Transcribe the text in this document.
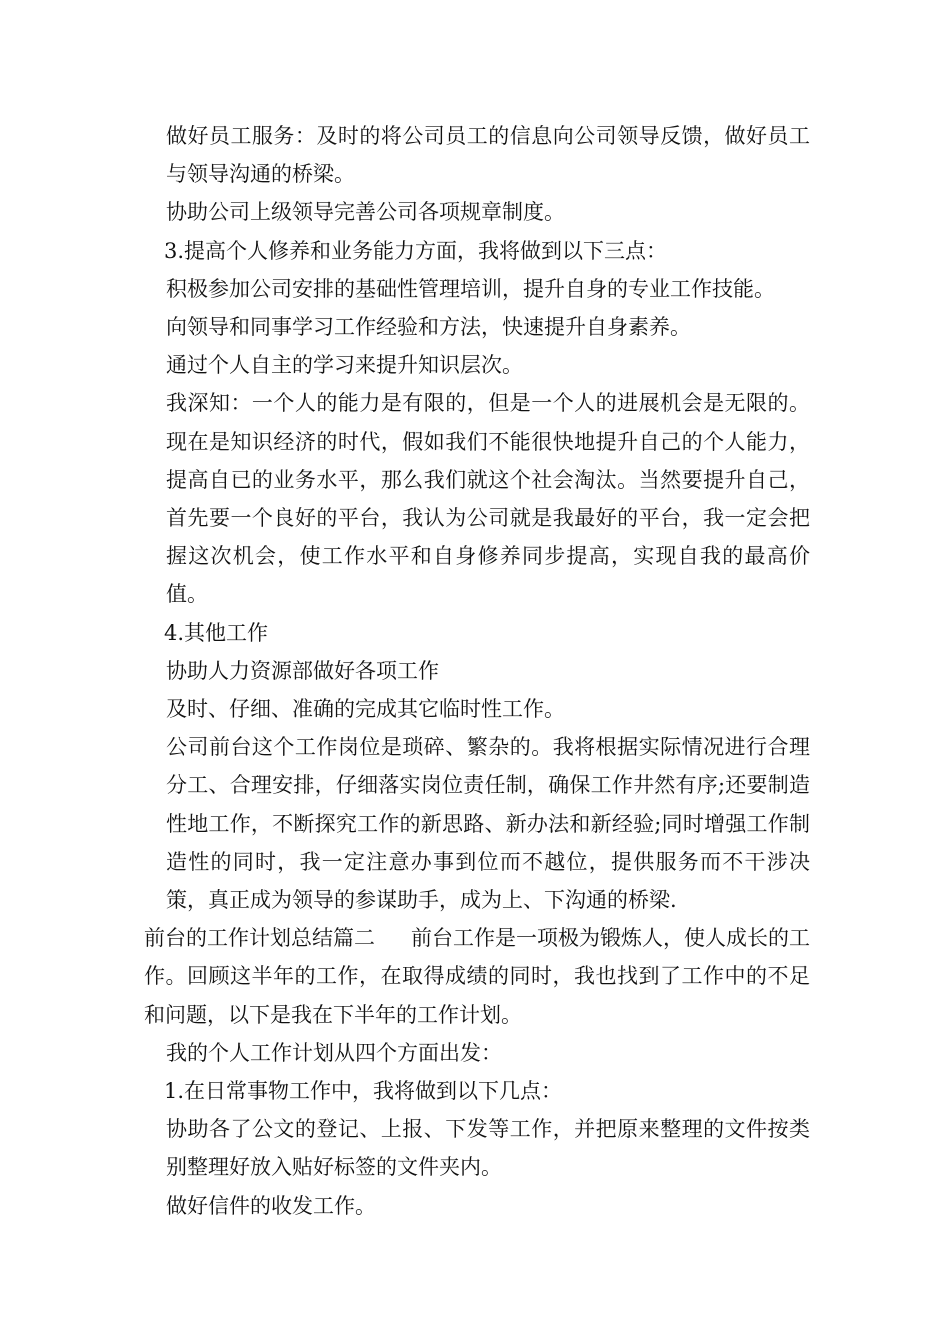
做好员工服务：及时的将公司员工的信息向公司领导反馈，做好员工与领导沟通的桥梁。

协助公司上级领导完善公司各项规章制度。

3.提高个人修养和业务能力方面，我将做到以下三点：

积极参加公司安排的基础性管理培训，提升自身的专业工作技能。

向领导和同事学习工作经验和方法，快速提升自身素养。

通过个人自主的学习来提升知识层次。

我深知：一个人的能力是有限的，但是一个人的进展机会是无限的。现在是知识经济的时代，假如我们不能很快地提升自己的个人能力，提高自已的业务水平，那么我们就这个社会淘汰。当然要提升自己，首先要一个良好的平台，我认为公司就是我最好的平台，我一定会把握这次机会，使工作水平和自身修养同步提高，实现自我的最高价值。

4.其他工作

协助人力资源部做好各项工作

及时、仔细、准确的完成其它临时性工作。

公司前台这个工作岗位是琐碎、繁杂的。我将根据实际情况进行合理分工、合理安排，仔细落实岗位责任制，确保工作井然有序;还要制造性地工作，不断探究工作的新思路、新办法和新经验;同时增强工作制造性的同时，我一定注意办事到位而不越位，提供服务而不干涉决策，真正成为领导的参谋助手，成为上、下沟通的桥梁.

前台的工作计划总结篇二	前台工作是一项极为锻炼人，使人成长的工作。回顾这半年的工作，在取得成绩的同时，我也找到了工作中的不足和问题，以下是我在下半年的工作计划。

我的个人工作计划从四个方面出发：

1.在日常事物工作中，我将做到以下几点：

协助各了公文的登记、上报、下发等工作，并把原来整理的文件按类别整理好放入贴好标签的文件夹内。

做好信件的收发工作。
